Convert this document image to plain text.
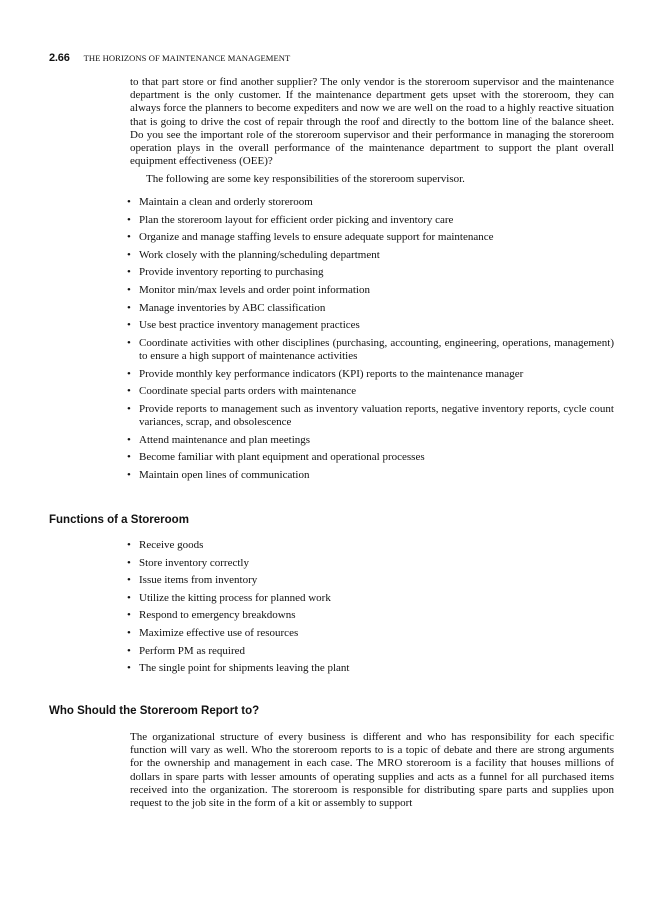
2.66 THE HORIZONS OF MAINTENANCE MANAGEMENT

to that part store or find another supplier? The only vendor is the storeroom supervisor and the maintenance department is the only customer. If the maintenance department gets upset with the storeroom, they can always force the planners to become expediters and now we are well on the road to a highly reactive situation that is going to drive the cost of repair through the roof and directly to the bottom line of the balance sheet. Do you see the important role of the storeroom supervisor and their performance in managing the storeroom operation plays in the overall performance of the maintenance department to support the plant overall equipment effectiveness (OEE)?

The following are some key responsibilities of the storeroom supervisor.

• Maintain a clean and orderly storeroom
• Plan the storeroom layout for efficient order picking and inventory care
• Organize and manage staffing levels to ensure adequate support for maintenance
• Work closely with the planning/scheduling department
• Provide inventory reporting to purchasing
• Monitor min/max levels and order point information
• Manage inventories by ABC classification
• Use best practice inventory management practices
• Coordinate activities with other disciplines (purchasing, accounting, engineering, operations, management) to ensure a high support of maintenance activities
• Provide monthly key performance indicators (KPI) reports to the maintenance manager
• Coordinate special parts orders with maintenance
• Provide reports to management such as inventory valuation reports, negative inventory reports, cycle count variances, scrap, and obsolescence
• Attend maintenance and plan meetings
• Become familiar with plant equipment and operational processes
• Maintain open lines of communication
Functions of a Storeroom
• Receive goods
• Store inventory correctly
• Issue items from inventory
• Utilize the kitting process for planned work
• Respond to emergency breakdowns
• Maximize effective use of resources
• Perform PM as required
• The single point for shipments leaving the plant
Who Should the Storeroom Report to?

The organizational structure of every business is different and who has responsibility for each specific function will vary as well. Who the storeroom reports to is a topic of debate and there are strong arguments for the ownership and management in each case. The MRO storeroom is a facility that houses millions of dollars in spare parts with lesser amounts of operating supplies and acts as a funnel for all purchased items received into the organization. The storeroom is responsible for distributing spare parts and supplies upon request to the job site in the form of a kit or assembly to support
